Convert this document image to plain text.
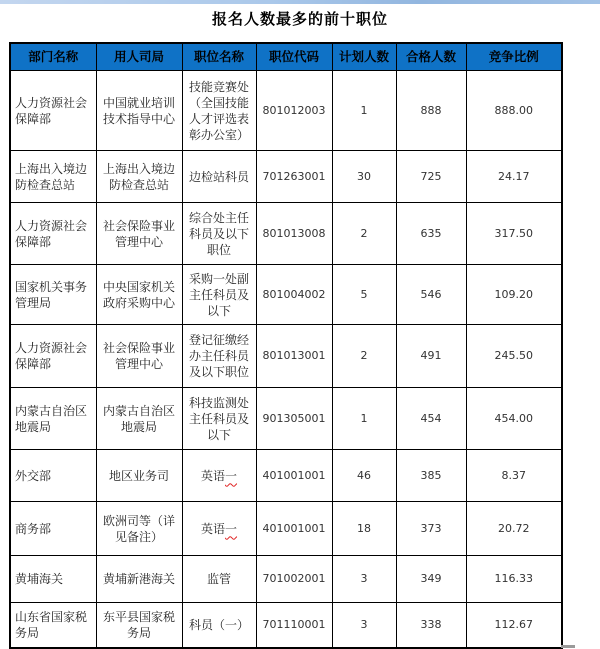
报名人数最多的前十职位
部门名称	用人司局	职位名称	职位代码	计划人数	合格人数	竞争比例
人力资源社会保障部	中国就业培训技术指导中心	技能竞赛处（全国技能人才评选表彰办公室）	801012003	1	888	888.00
上海出入境边防检查总站	上海出入境边防检查总站	边检站科员	701263001	30	725	24.17
人力资源社会保障部	社会保险事业管理中心	综合处主任科员及以下职位	801013008	2	635	317.50
国家机关事务管理局	中央国家机关政府采购中心	采购一处副主任科员及以下	801004002	5	546	109.20
人力资源社会保障部	社会保险事业管理中心	登记征缴经办主任科员及以下职位	801013001	2	491	245.50
内蒙古自治区地震局	内蒙古自治区地震局	科技监测处主任科员及以下	901305001	1	454	454.00
外交部	地区业务司	英语一	401001001	46	385	8.37
商务部	欧洲司等（详见备注）	英语一	401001001	18	373	20.72
黄埔海关	黄埔新港海关	监管	701002001	3	349	116.33
山东省国家税务局	东平县国家税务局	科员（一）	701110001	3	338	112.67
